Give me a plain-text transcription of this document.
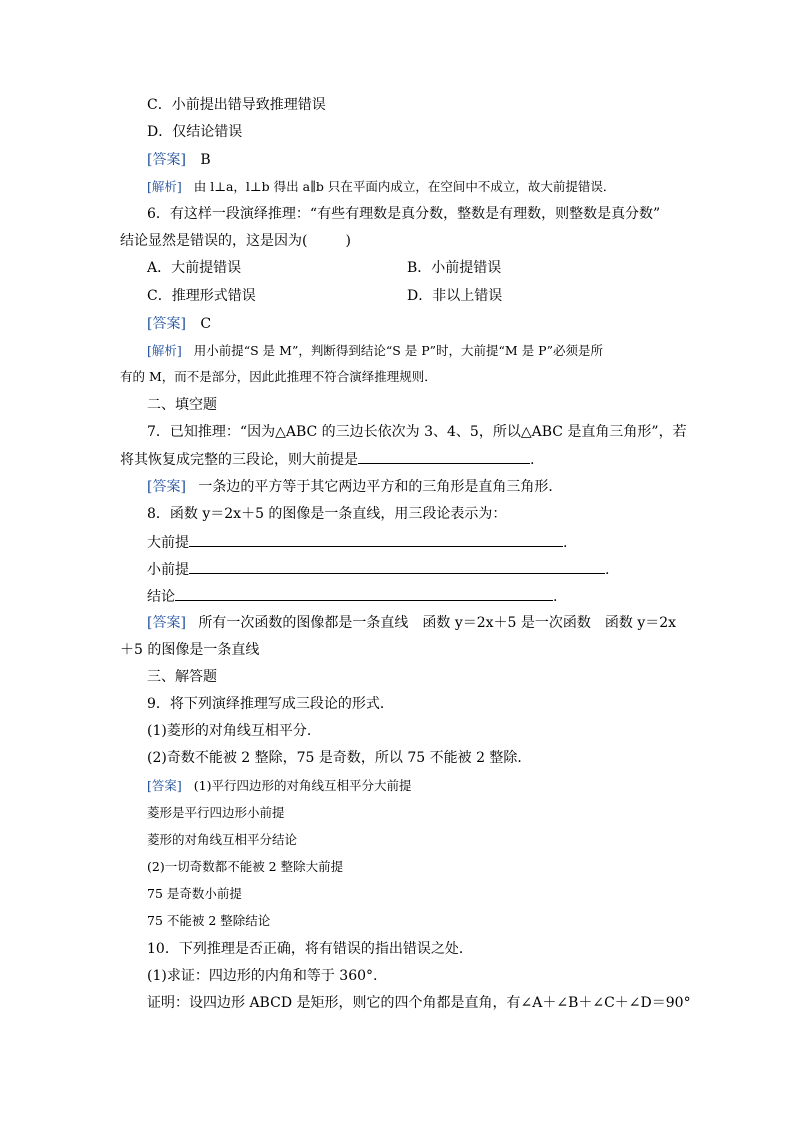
C．小前提出错导致推理错误
D．仅结论错误
[答案] B
[解析] 由 l⊥a，l⊥b 得出 a∥b 只在平面内成立，在空间中不成立，故大前提错误．
6．有这样一段演绎推理：“有些有理数是真分数，整数是有理数，则整数是真分数”
结论显然是错误的，这是因为(	)
A．大前提错误	B．小前提错误
C．推理形式错误	D．非以上错误
[答案] C
[解析] 用小前提“S 是 M”，判断得到结论“S 是 P”时，大前提“M 是 P”必须是所
有的 M，而不是部分，因此此推理不符合演绎推理规则．
二、填空题
7．已知推理：“因为△ABC 的三边长依次为 3、4、5，所以△ABC 是直角三角形”，若
将其恢复成完整的三段论，则大前提是	.
[答案] 一条边的平方等于其它两边平方和的三角形是直角三角形．
8．函数 y＝2x＋5 的图像是一条直线，用三段论表示为：
大前提	.
小前提	.
结论	.
[答案] 所有一次函数的图像都是一条直线　函数 y＝2x＋5 是一次函数　函数 y＝2x
＋5 的图像是一条直线
三、解答题
9．将下列演绎推理写成三段论的形式．
(1)菱形的对角线互相平分．
(2)奇数不能被 2 整除，75 是奇数，所以 75 不能被 2 整除．
[答案] (1)平行四边形的对角线互相平分大前提
菱形是平行四边形小前提
菱形的对角线互相平分结论
(2)一切奇数都不能被 2 整除大前提
75 是奇数小前提
75 不能被 2 整除结论
10．下列推理是否正确，将有错误的指出错误之处．
(1)求证：四边形的内角和等于 360°.
证明：设四边形 ABCD 是矩形，则它的四个角都是直角，有∠A＋∠B＋∠C＋∠D＝90°
